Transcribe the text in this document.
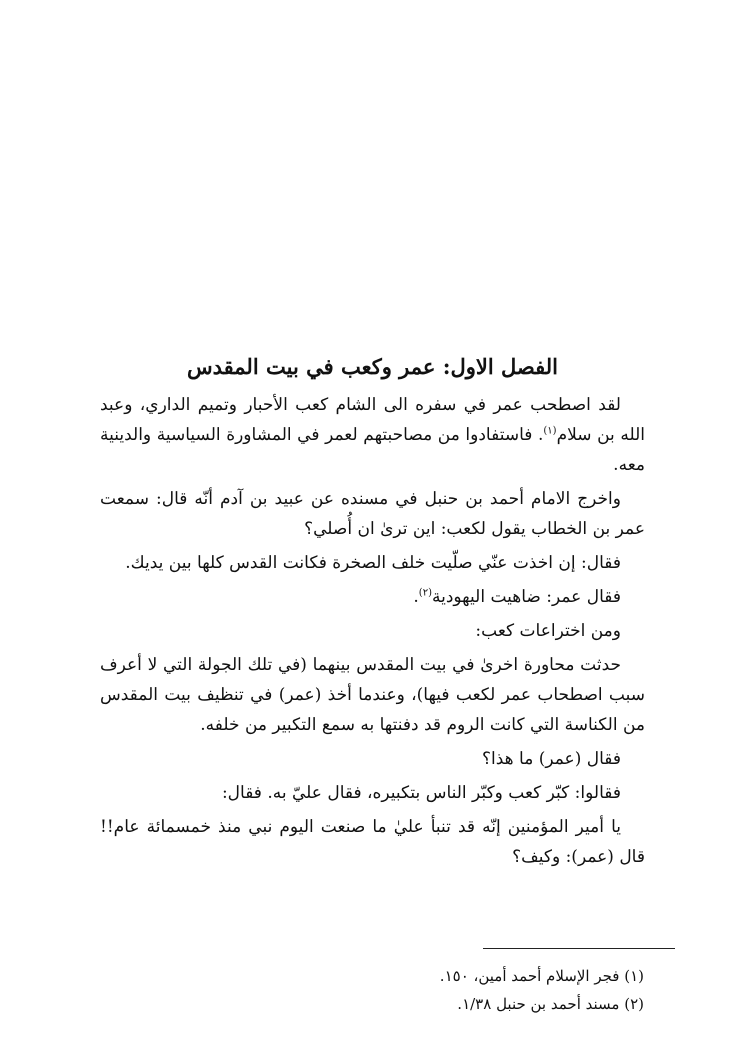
الفصل الاول: عمر وكعب في بيت المقدس

لقد اصطحب عمر في سفره الى الشام كعب الأحبار وتميم الداري، وعبد الله بن سلام$^{(١)}$. فاستفادوا من مصاحبتهم لعمر في المشاورة السياسية والدينية معه.

واخرج الامام أحمد بن حنبل في مسنده عن عبيد بن آدم أنّه قال: سمعت عمر بن الخطاب يقول لكعب: اين ترىٰ ان أُصلي؟

فقال: إن اخذت عنّي صلّيت خلف الصخرة فكانت القدس كلها بين يديك.

فقال عمر: ضاهيت اليهودية$^{(٢)}$.

ومن اختراعات كعب:

حدثت محاورة اخرىٰ في بيت المقدس بينهما (في تلك الجولة التي لا أعرف سبب اصطحاب عمر لكعب فيها)، وعندما أخذ (عمر) في تنظيف بيت المقدس من الكناسة التي كانت الروم قد دفنتها به سمع التكبير من خلفه.

فقال (عمر) ما هذا؟

فقالوا: كبّر كعب وكبّر الناس بتكبيره، فقال عليّ به. فقال:

يا أمير المؤمنين إنّه قد تنبأ عليٰ ما صنعت اليوم نبي منذ خمسمائة عام!! قال (عمر): وكيف؟

(١) فجر الإسلام أحمد أمين، ١٥٠.

(٢) مسند أحمد بن حنبل ١/٣٨.
